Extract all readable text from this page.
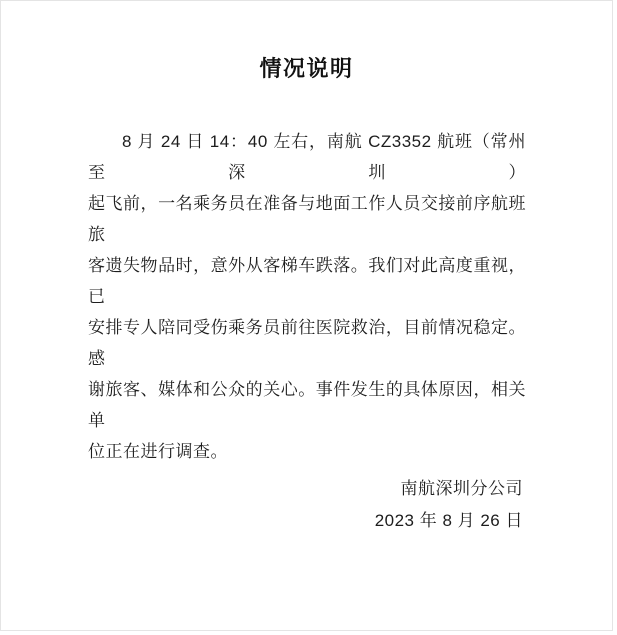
情况说明
8 月 24 日 14：40 左右，南航 CZ3352 航班（常州至深圳）
起飞前，一名乘务员在准备与地面工作人员交接前序航班旅
客遗失物品时，意外从客梯车跌落。我们对此高度重视，已
安排专人陪同受伤乘务员前往医院救治，目前情况稳定。感
谢旅客、媒体和公众的关心。事件发生的具体原因，相关单
位正在进行调查。
南航深圳分公司
2023 年 8 月 26 日
